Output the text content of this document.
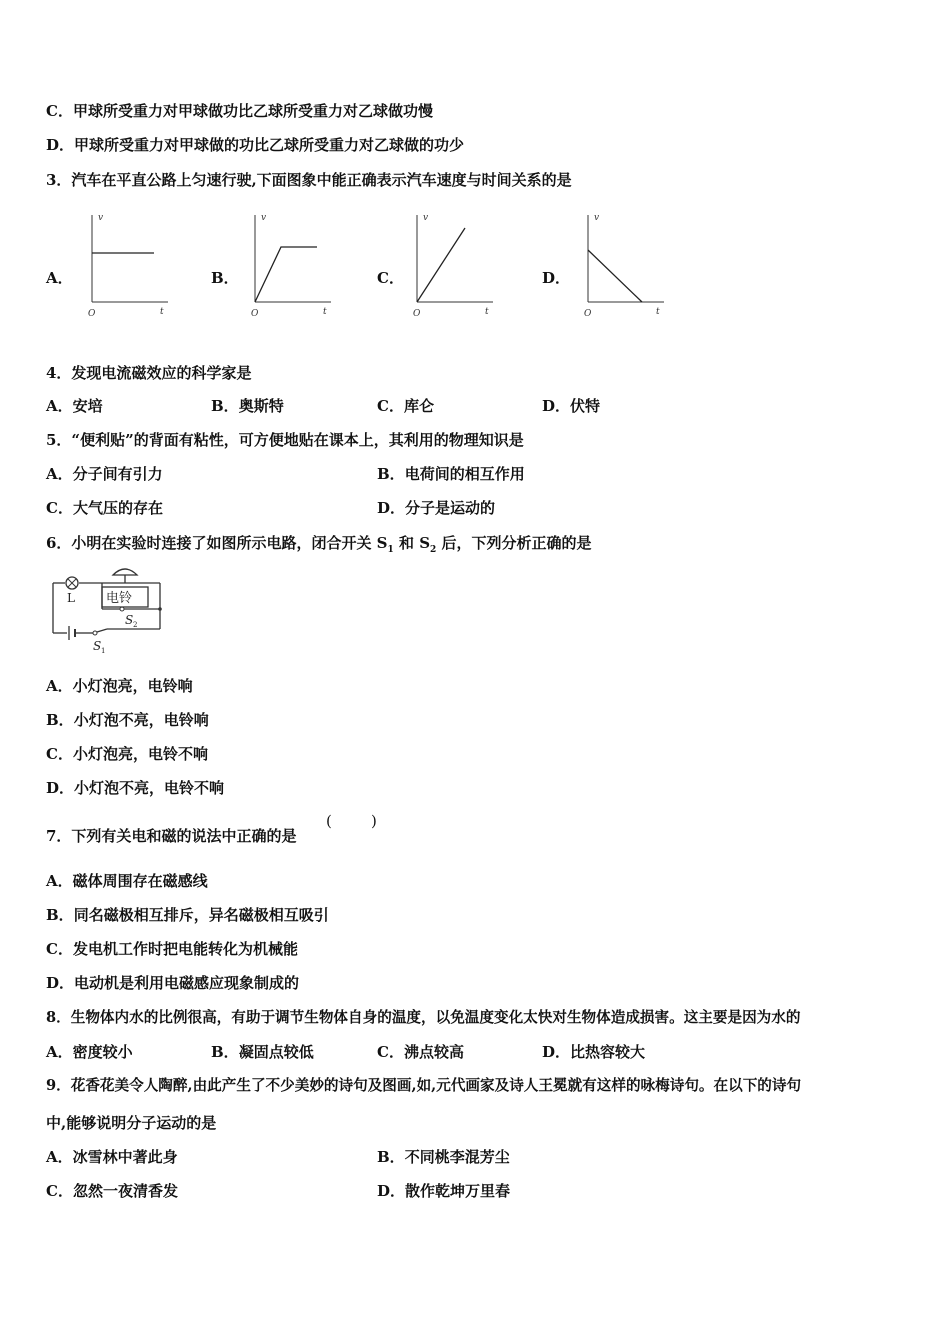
C．甲球所受重力对甲球做功比乙球所受重力对乙球做功慢
D．甲球所受重力对甲球做的功比乙球所受重力对乙球做的功少
3．汽车在平直公路上匀速行驶,下面图象中能正确表示汽车速度与时间关系的是
A．
v
O	t
B．
v
O	t
C．
v
O	t
D．
v
O	t
4．发现电流磁效应的科学家是
A．安培	B．奥斯特	C．库仑	D．伏特
5．“便利贴”的背面有粘性，可方便地贴在课本上，其利用的物理知识是
A．分子间有引力	B．电荷间的相互作用
C．大气压的存在	D．分子是运动的
6．小明在实验时连接了如图所示电路，闭合开关 $S_1$ 和 $S_2$ 后，下列分析正确的是
L 电铃
S 2
S 1
A．小灯泡亮，电铃响
B．小灯泡不亮，电铃响
C．小灯泡亮，电铃不响
D．小灯泡不亮，电铃不响
7．下列有关电和磁的说法中正确的是
(	)
A．磁体周围存在磁感线
B．同名磁极相互排斥，异名磁极相互吸引
C．发电机工作时把电能转化为机械能
D．电动机是利用电磁感应现象制成的
8．生物体内水的比例很高，有助于调节生物体自身的温度，以免温度变化太快对生物体造成损害。这主要是因为水的
A．密度较小	B．凝固点较低	C．沸点较高	D．比热容较大
9．花香花美令人陶醉,由此产生了不少美妙的诗句及图画,如,元代画家及诗人王冕就有这样的咏梅诗句。在以下的诗句
中,能够说明分子运动的是
A．冰雪林中著此身	B．不同桃李混芳尘
C．忽然一夜清香发	D．散作乾坤万里春
